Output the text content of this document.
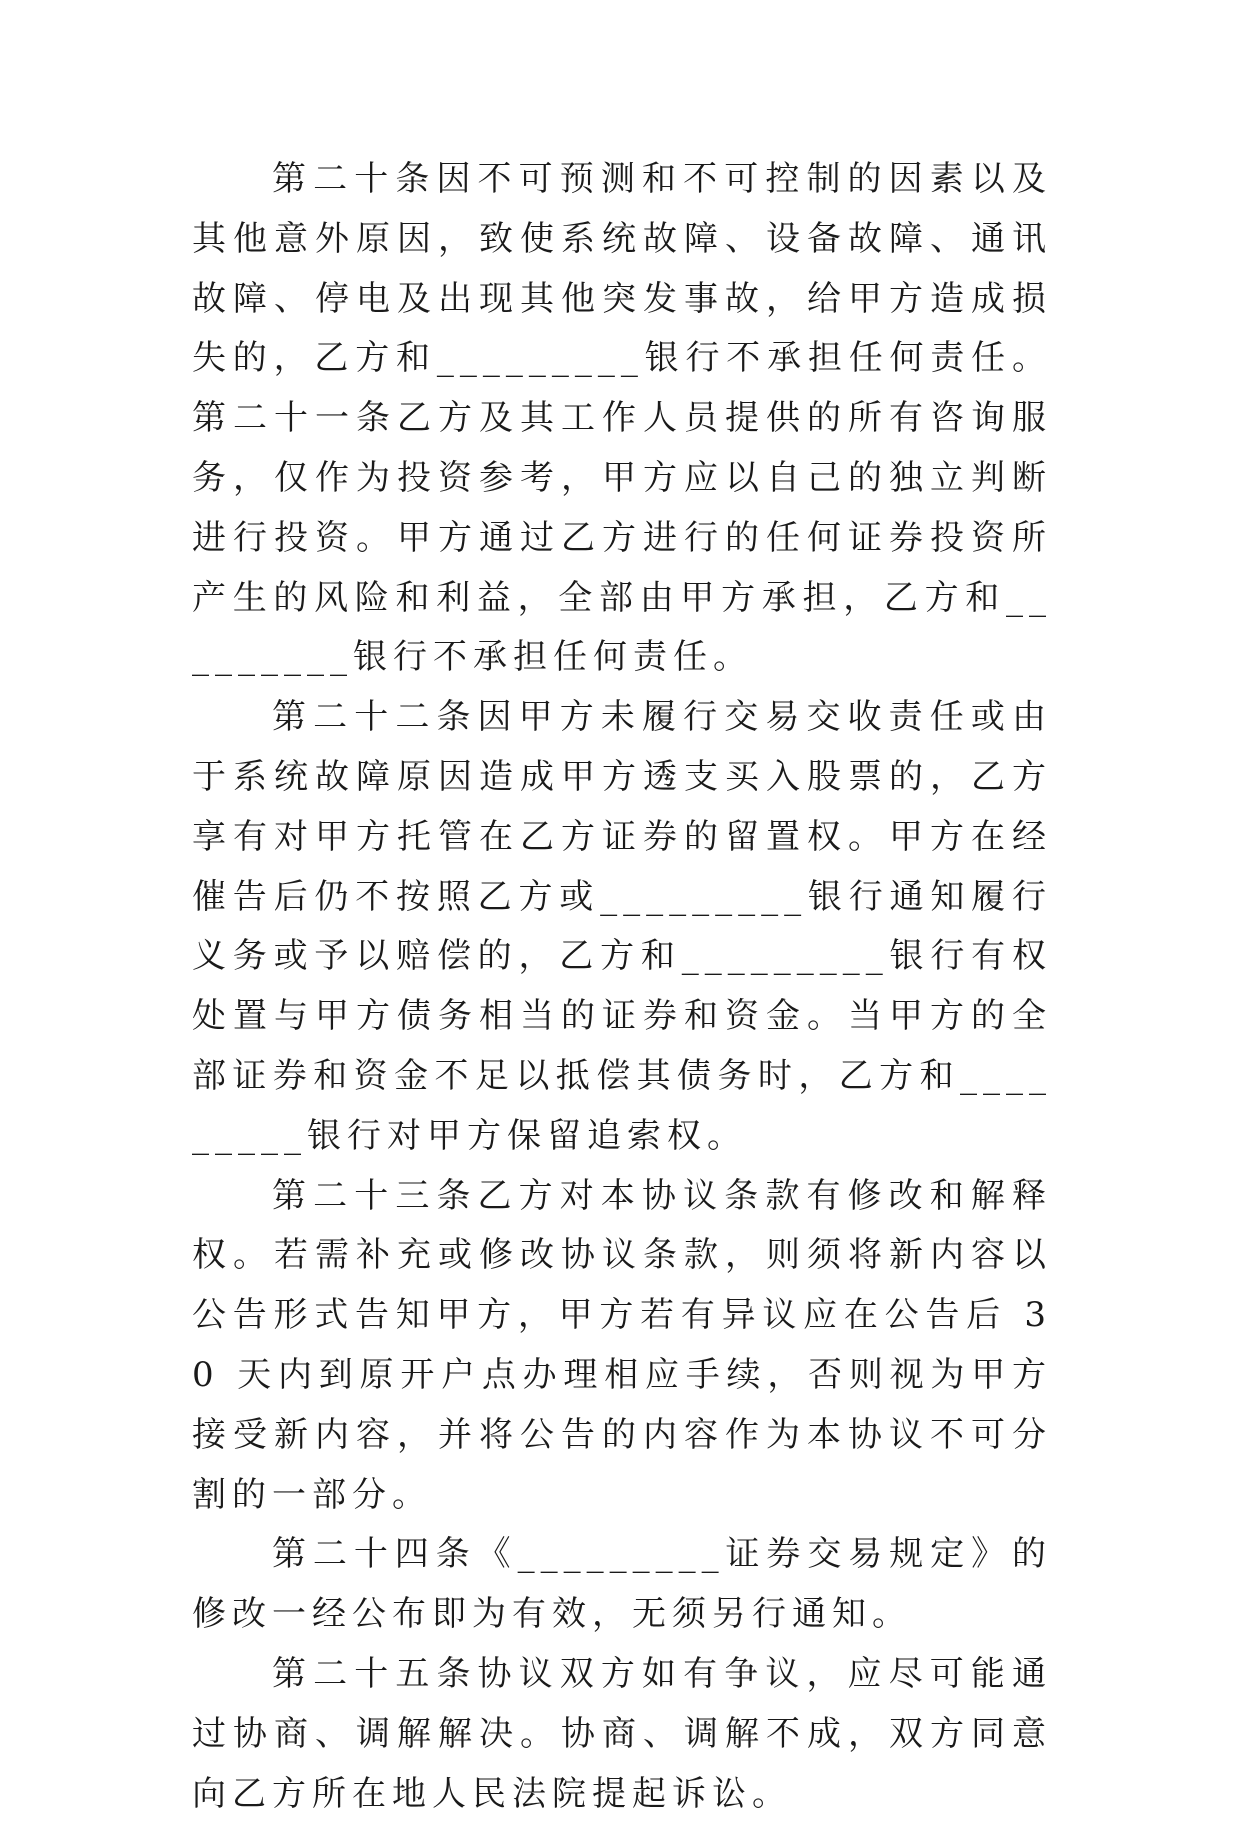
第二十条因不可预测和不可控制的因素以及其他意外原因，致使系统故障、设备故障、通讯故障、停电及出现其他突发事故，给甲方造成损失的，乙方和_________银行不承担任何责任。第二十一条乙方及其工作人员提供的所有咨询服务，仅作为投资参考，甲方应以自己的独立判断进行投资。甲方通过乙方进行的任何证券投资所产生的风险和利益，全部由甲方承担，乙方和_________银行不承担任何责任。

第二十二条因甲方未履行交易交收责任或由于系统故障原因造成甲方透支买入股票的，乙方享有对甲方托管在乙方证券的留置权。甲方在经催告后仍不按照乙方或_________银行通知履行义务或予以赔偿的，乙方和_________银行有权处置与甲方债务相当的证券和资金。当甲方的全部证券和资金不足以抵偿其债务时，乙方和_________银行对甲方保留追索权。

第二十三条乙方对本协议条款有修改和解释权。若需补充或修改协议条款，则须将新内容以公告形式告知甲方，甲方若有异议应在公告后 30 天内到原开户点办理相应手续，否则视为甲方接受新内容，并将公告的内容作为本协议不可分割的一部分。

第二十四条《_________证券交易规定》的修改一经公布即为有效，无须另行通知。

第二十五条协议双方如有争议，应尽可能通过协商、调解解决。协商、调解不成，双方同意向乙方所在地人民法院提起诉讼。
